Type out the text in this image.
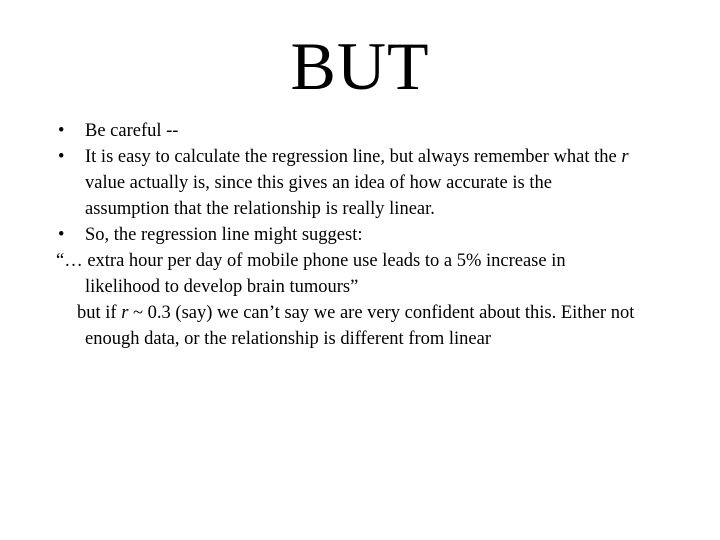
BUT
•	Be careful --
•	It is easy to calculate the regression line, but always remember what the r
value actually is, since this gives an idea of how accurate is the
assumption that the relationship is really linear.
•	So, the regression line might suggest:
“… extra hour per day of mobile phone use leads to a 5% increase in
likelihood to develop brain tumours”
but if r ~ 0.3 (say) we can’t say we are very confident about this. Either not
enough data, or the relationship is different from linear
